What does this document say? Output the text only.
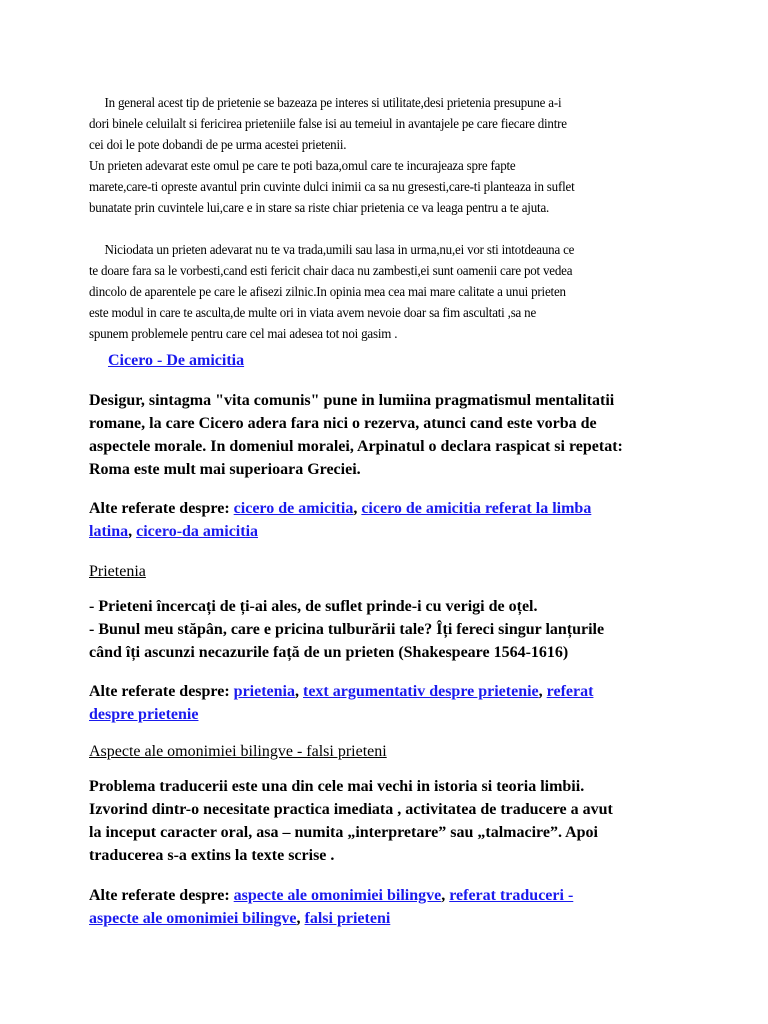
In general acest tip de prietenie se bazeaza pe interes si utilitate,desi prietenia presupune a-i
dori binele celuilalt si fericirea prieteniile false isi au temeiul in avantajele pe care fiecare dintre
cei doi le pote dobandi de pe urma acestei prietenii.

Un prieten adevarat este omul pe care te poti baza,omul care te incurajeaza spre fapte
marete,care-ti opreste avantul prin cuvinte dulci inimii ca sa nu gresesti,care-ti planteaza in suflet
bunatate prin cuvintele lui,care e in stare sa riste chiar prietenia ce va leaga pentru a te ajuta.

Niciodata un prieten adevarat nu te va trada,umili sau lasa in urma,nu,ei vor sti intotdeauna ce
te doare fara sa le vorbesti,cand esti fericit chair daca nu zambesti,ei sunt oamenii care pot vedea
dincolo de aparentele pe care le afisezi zilnic.In opinia mea cea mai mare calitate a unui prieten
este modul in care te asculta,de multe ori in viata avem nevoie doar sa fim ascultati ,sa ne
spunem problemele pentru care cel mai adesea tot noi gasim .

Cicero - De amicitia

Desigur, sintagma "vita comunis" pune in lumiina pragmatismul mentalitatii
romane, la care Cicero adera fara nici o rezerva, atunci cand este vorba de
aspectele morale. In domeniul moralei, Arpinatul o declara raspicat si repetat:
Roma este mult mai superioara Greciei.

Alte referate despre: cicero de amicitia, cicero de amicitia referat la limba
latina, cicero-da amicitia

Prietenia

- Prieteni încercați de ți-ai ales, de suflet prinde-i cu verigi de oțel.
- Bunul meu stăpân, care e pricina tulburării tale? Îți fereci singur lanțurile
când îți ascunzi necazurile față de un prieten (Shakespeare 1564-1616)

Alte referate despre: prietenia, text argumentativ despre prietenie, referat
despre prietenie

Aspecte ale omonimiei bilingve - falsi prieteni

Problema traducerii este una din cele mai vechi in istoria si teoria limbii.
Izvorind dintr-o necesitate practica imediata , activitatea de traducere a avut
la inceput caracter oral, asa – numita „interpretare” sau „talmacire”. Apoi
traducerea s-a extins la texte scrise .

Alte referate despre: aspecte ale omonimiei bilingve, referat traduceri -
aspecte ale omonimiei bilingve, falsi prieteni
